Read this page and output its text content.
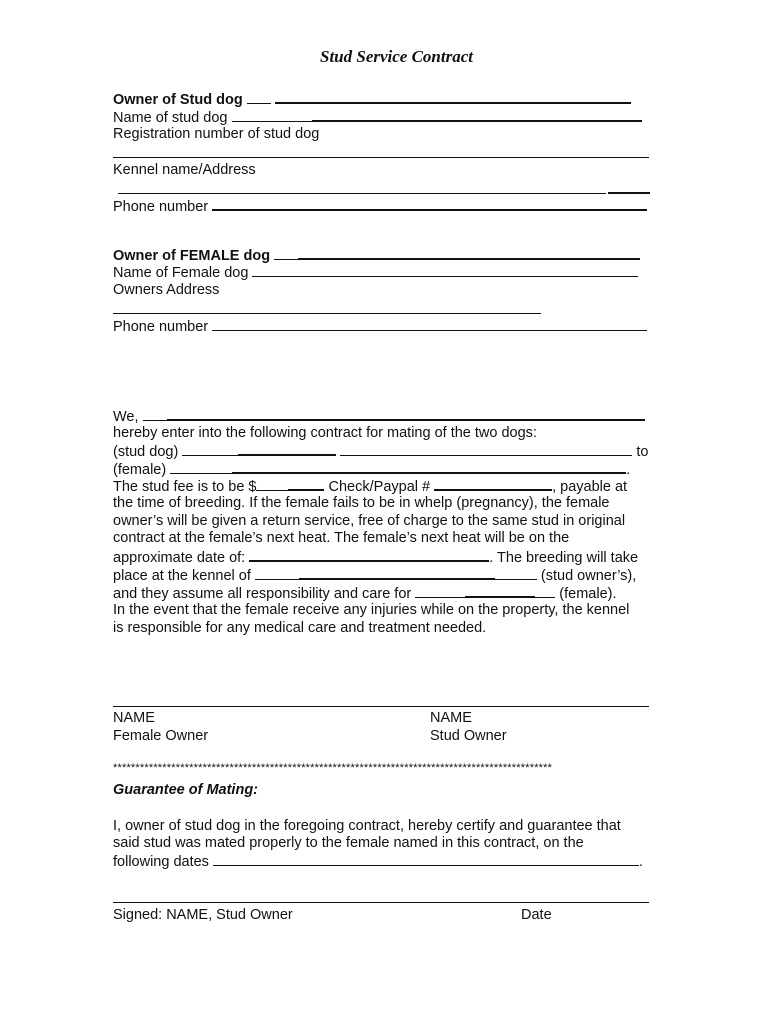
Stud Service Contract
Owner of Stud dog
Name of stud dog
Registration number of stud dog
Kennel name/Address
Phone number
Owner of FEMALE dog
Name of Female dog
Owners Address
Phone number
We,
hereby enter into the following contract for mating of the two dogs:
(stud dog)	to
(female)	.
The stud fee is to be $	Check/Paypal #	, payable at
the time of breeding. If the female fails to be in whelp (pregnancy), the female
owner’s will be given a return service, free of charge to the same stud in original
contract at the female’s next heat. The female’s next heat will be on the
approximate date of:	. The breeding will take
place at the kennel of	(stud owner’s),
and they assume all responsibility and care for	(female).
In the event that the female receive any injuries while on the property, the kennel
is responsible for any medical care and treatment needed.
NAME
Female Owner
NAME
Stud Owner
**************************************************************************************************
Guarantee of Mating:
I, owner of stud dog in the foregoing contract, hereby certify and guarantee that
said stud was mated properly to the female named in this contract, on the
following dates	.
Signed: NAME, Stud Owner	Date
